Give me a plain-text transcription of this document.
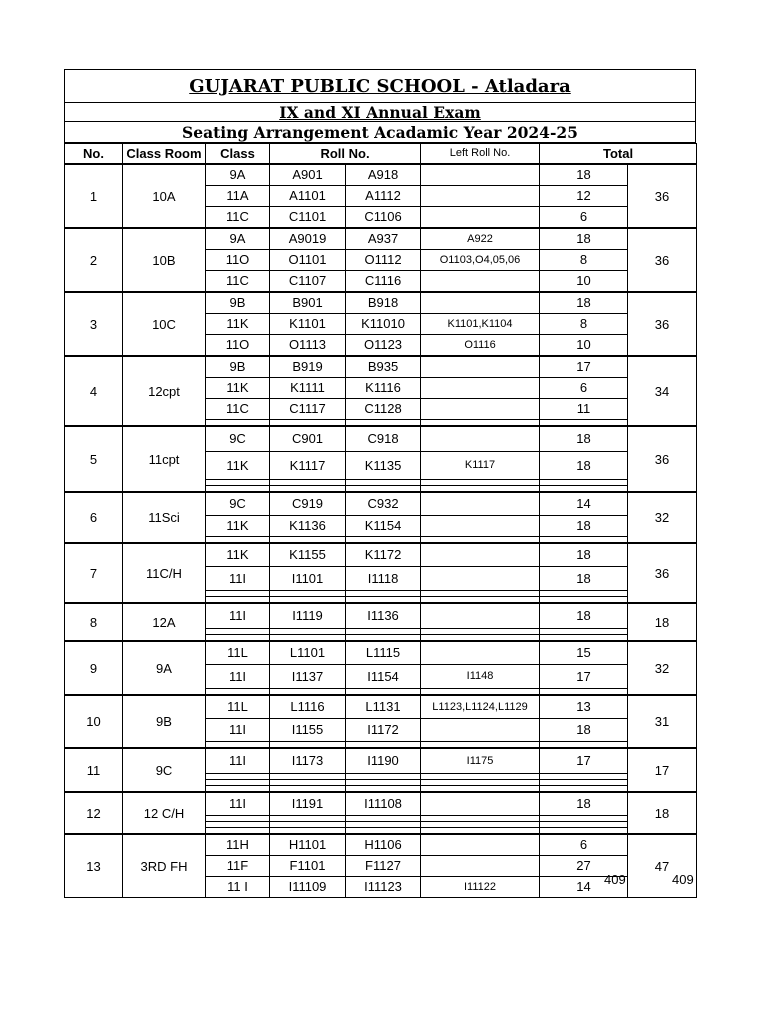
GUJARAT PUBLIC SCHOOL - Atladara
IX and XI Annual Exam
Seating Arrangement Acadamic Year 2024-25
No.	Class Room	Class	Roll No.		Left Roll No.	Total	
1	10A	9A	A901	A918		18	36
		11A	A1101	A1112		12	
		11C	C1101	C1106		6	
2	10B	9A	A9019	A937	A922	18	36
		11O	O1101	O1112	O1103,O4,05,06	8	
		11C	C1107	C1116		10	
3	10C	9B	B901	B918		18	36
		11K	K1101	K11010	K1101,K1104	8	
		11O	O1113	O1123	O1116	10	
4	12cpt	9B	B919	B935		17	34
		11K	K1111	K1116		6	
		11C	C1117	C1128		11	

5	11cpt	9C	C901	C918		18	36
		11K	K1117	K1135	K1117	18	

6	11Sci	9C	C919	C932		14	32
		11K	K1136	K1154		18	

7	11C/H	11K	K1155	K1172		18	36
		11I	I1101	I1118		18	

8	12A	11I	I1119	I1136		18	18

9	9A	11L	L1101	L1115		15	32
		11I	I1137	I1154	I1148	17	

10	9B	11L	L1116	L1131	L1123,L1124,L1129	13	31
		11I	I1155	I1172		18	

11	9C	11I	I1173	I1190	I1175	17	17

12	12 C/H	11I	I1191	I11108		18	18

13	3RD FH	11H	H1101	H1106		6	47
		11F	F1101	F1127		27	
		11 I	I11109	I11123	I11122	14	409	409
